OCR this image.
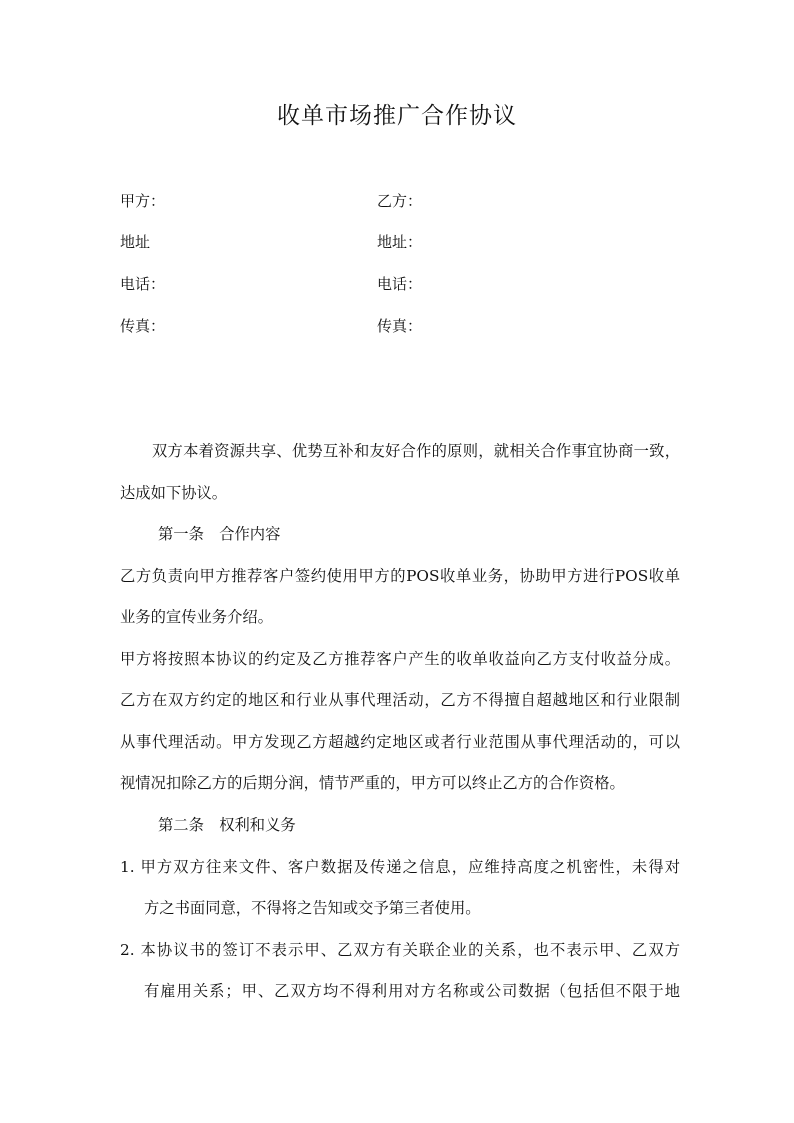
收单市场推广合作协议
甲方：	乙方：
地址	地址：
电话：	电话：
传真：	传真：
双方本着资源共享、优势互补和友好合作的原则，就相关合作事宜协商一致，
达成如下协议。
第一条　合作内容
乙方负责向甲方推荐客户签约使用甲方的POS收单业务，协助甲方进行POS收单
业务的宣传业务介绍。
甲方将按照本协议的约定及乙方推荐客户产生的收单收益向乙方支付收益分成。
乙方在双方约定的地区和行业从事代理活动，乙方不得擅自超越地区和行业限制
从事代理活动。甲方发现乙方超越约定地区或者行业范围从事代理活动的，可以
视情况扣除乙方的后期分润，情节严重的，甲方可以终止乙方的合作资格。
第二条　权利和义务
1. 甲方双方往来文件、客户数据及传递之信息，应维持高度之机密性，未得对
方之书面同意，不得将之告知或交予第三者使用。
2. 本协议书的签订不表示甲、乙双方有关联企业的关系，也不表示甲、乙双方
有雇用关系；甲、乙双方均不得利用对方名称或公司数据（包括但不限于地
